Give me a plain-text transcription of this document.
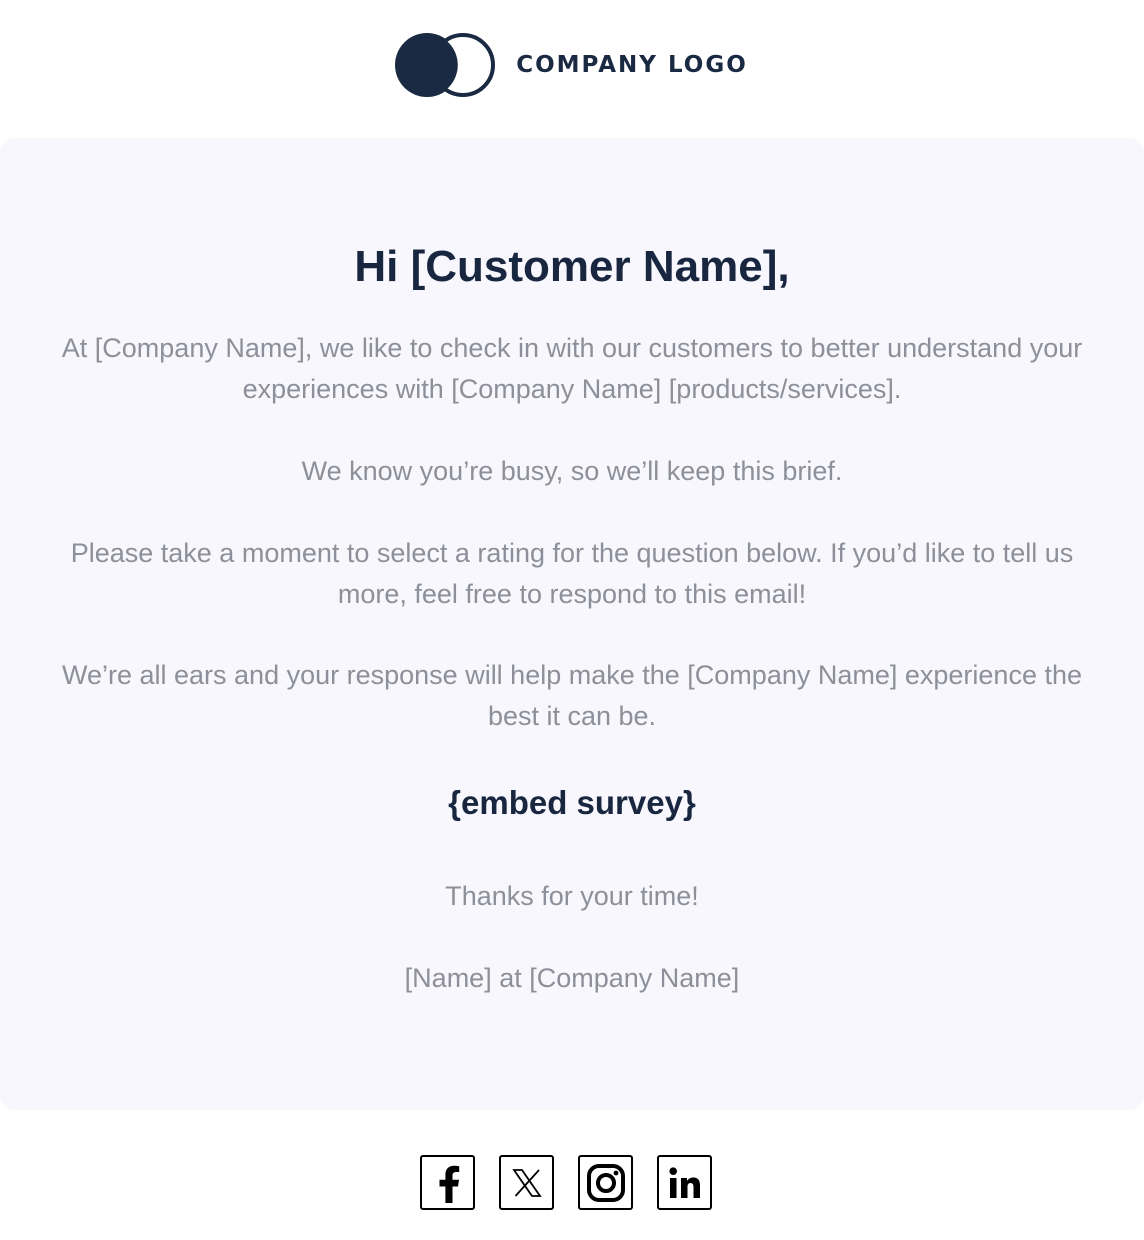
COMPANY LOGO
Hi [Customer Name],
At [Company Name], we like to check in with our customers to better understand your experiences with [Company Name] [products/services].
We know you’re busy, so we’ll keep this brief.
Please take a moment to select a rating for the question below. If you’d like to tell us more, feel free to respond to this email!
We’re all ears and your response will help make the [Company Name] experience the best it can be.
{embed survey}
Thanks for your time!
[Name] at [Company Name]
